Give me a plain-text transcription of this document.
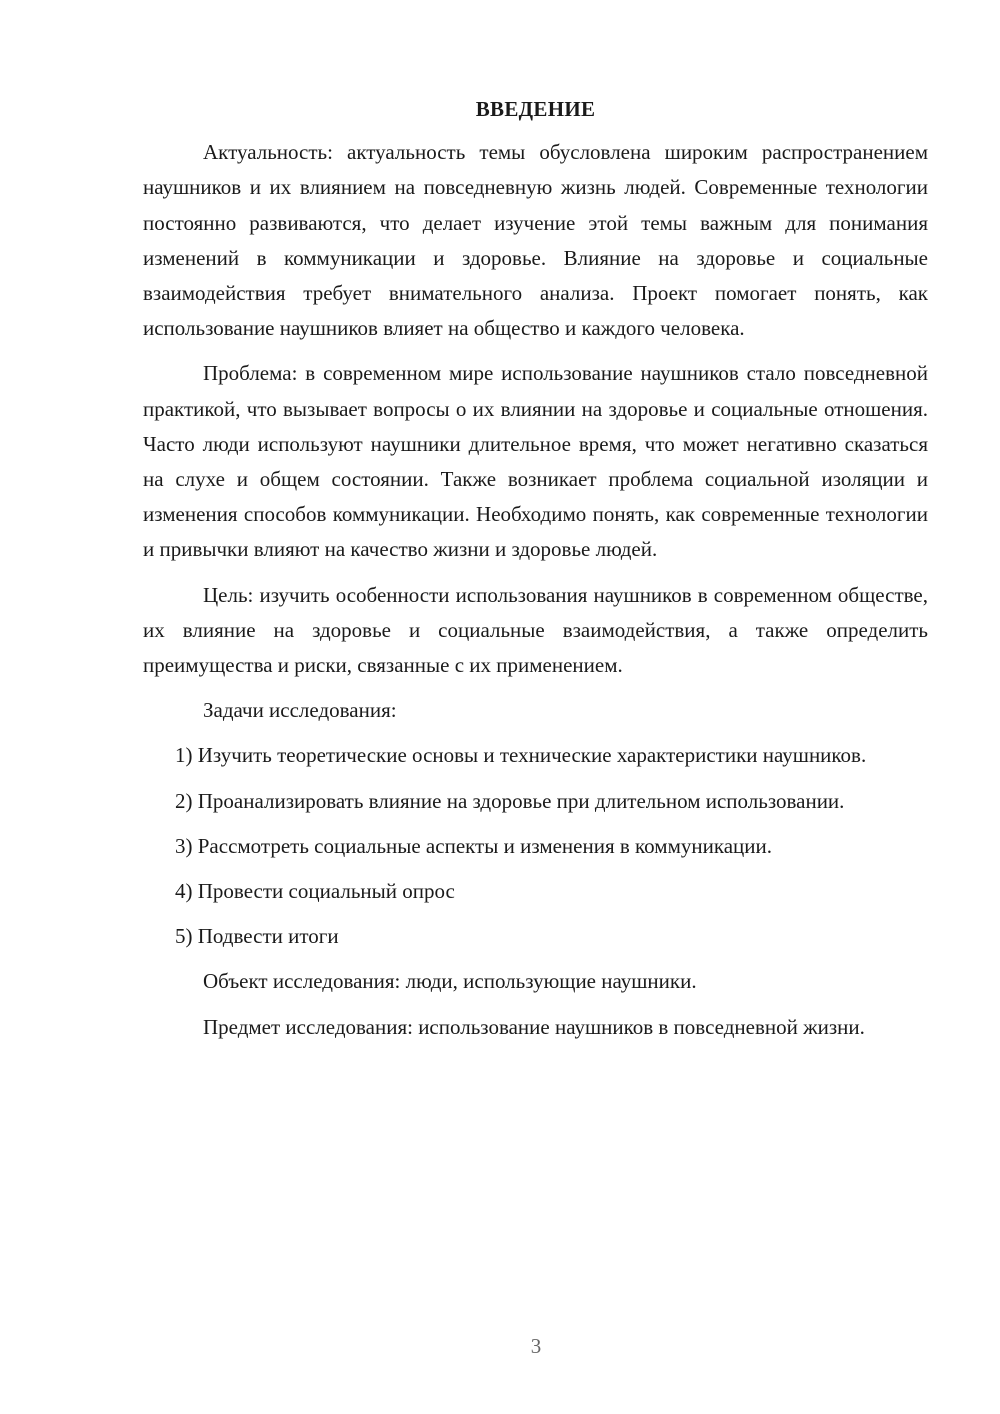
ВВЕДЕНИЕ

Актуальность: актуальность темы обусловлена широким распространением наушников и их влиянием на повседневную жизнь людей. Современные технологии постоянно развиваются, что делает изучение этой темы важным для понимания изменений в коммуникации и здоровье. Влияние на здоровье и социальные взаимодействия требует внимательного анализа. Проект помогает понять, как использование наушников влияет на общество и каждого человека.

Проблема: в современном мире использование наушников стало повседневной практикой, что вызывает вопросы о их влиянии на здоровье и социальные отношения. Часто люди используют наушники длительное время, что может негативно сказаться на слухе и общем состоянии. Также возникает проблема социальной изоляции и изменения способов коммуникации. Необходимо понять, как современные технологии и привычки влияют на качество жизни и здоровье людей.

Цель: изучить особенности использования наушников в современном обществе, их влияние на здоровье и социальные взаимодействия, а также определить преимущества и риски, связанные с их применением.

Задачи исследования:

1) Изучить теоретические основы и технические характеристики наушников.

2) Проанализировать влияние на здоровье при длительном использовании.

3) Рассмотреть социальные аспекты и изменения в коммуникации.

4) Провести социальный опрос

5) Подвести итоги

Объект исследования: люди, использующие наушники.

Предмет исследования: использование наушников в повседневной жизни.

3
